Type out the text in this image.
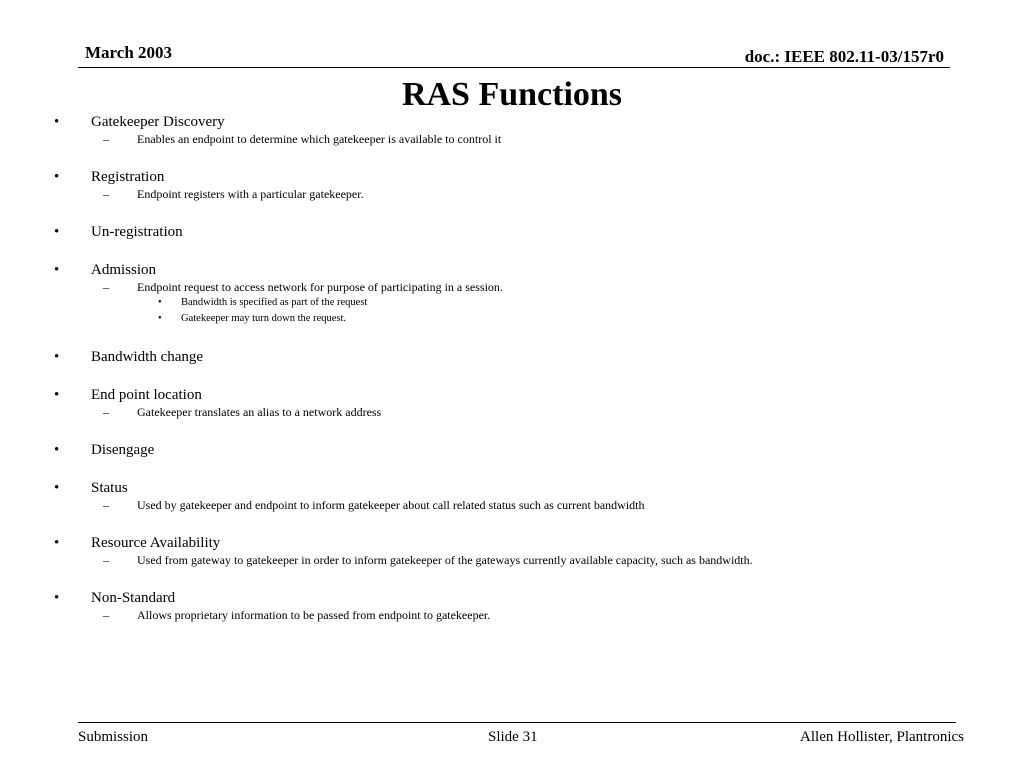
March 2003	doc.: IEEE 802.11-03/157r0
RAS Functions
• Gatekeeper Discovery
– Enables an endpoint to determine which gatekeeper is available to control it
• Registration
– Endpoint registers with a particular gatekeeper.
• Un-registration
• Admission
– Endpoint request to access network for purpose of participating in a session.
• Bandwidth is specified as part of the request
• Gatekeeper may turn down the request.
• Bandwidth change
• End point location
– Gatekeeper translates an alias to a network address
• Disengage
• Status
– Used by gatekeeper and endpoint to inform gatekeeper about call related status such as current bandwidth
• Resource Availability
– Used from gateway to gatekeeper in order to inform gatekeeper of the gateways currently available capacity, such as bandwidth.
• Non-Standard
– Allows proprietary information to be passed from endpoint to gatekeeper.
Submission	Slide 31	Allen Hollister, Plantronics
